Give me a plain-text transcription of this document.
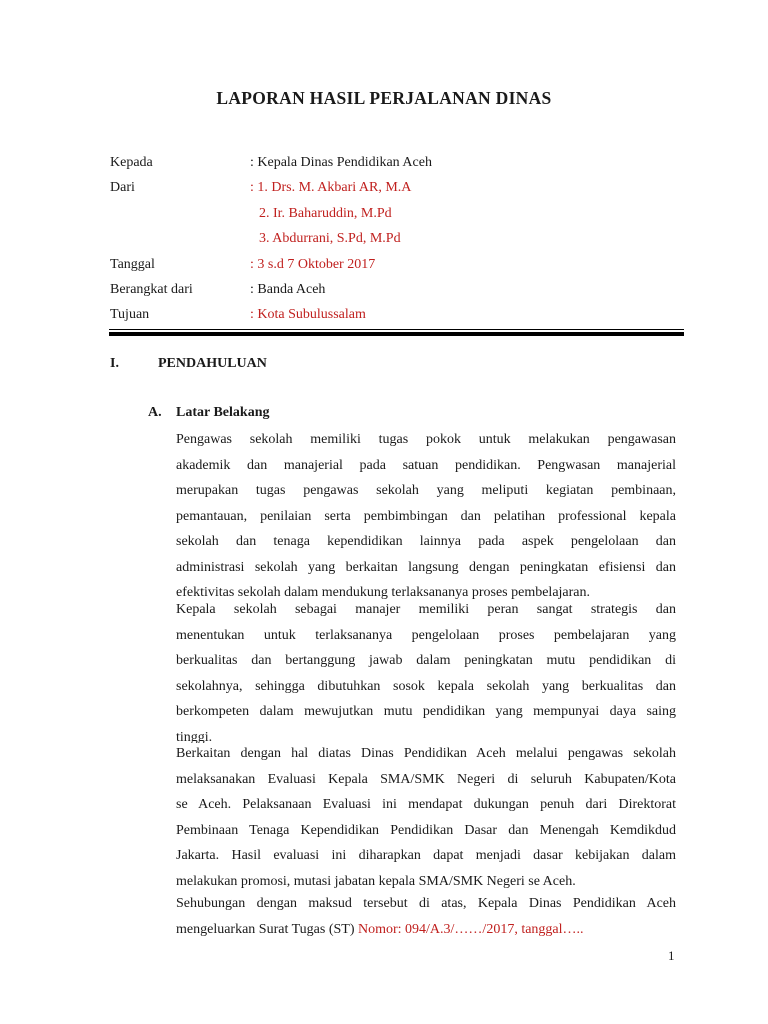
LAPORAN HASIL PERJALANAN DINAS
Kepada	: Kepala Dinas Pendidikan Aceh
Dari	: 1. Drs. M. Akbari AR, M.A
2. Ir. Baharuddin, M.Pd
3. Abdurrani, S.Pd, M.Pd
Tanggal	: 3 s.d 7 Oktober 2017
Berangkat dari	: Banda Aceh
Tujuan	: Kota Subulussalam
I.	PENDAHULUAN
A. Latar Belakang
Pengawas sekolah memiliki tugas pokok untuk melakukan pengawasan
akademik dan manajerial pada satuan pendidikan. Pengwasan manajerial
merupakan tugas pengawas sekolah yang meliputi kegiatan pembinaan,
pemantauan, penilaian serta pembimbingan dan pelatihan professional kepala
sekolah dan tenaga kependidikan lainnya pada aspek pengelolaan dan
administrasi sekolah yang berkaitan langsung dengan peningkatan efisiensi dan
efektivitas sekolah dalam mendukung terlaksananya proses pembelajaran.
Kepala sekolah sebagai manajer memiliki peran sangat strategis dan
menentukan untuk terlaksananya pengelolaan proses pembelajaran yang
berkualitas dan bertanggung jawab dalam peningkatan mutu pendidikan di
sekolahnya, sehingga dibutuhkan sosok kepala sekolah yang berkualitas dan
berkompeten dalam mewujutkan mutu pendidikan yang mempunyai daya saing
tinggi.
Berkaitan dengan hal diatas Dinas Pendidikan Aceh melalui pengawas sekolah
melaksanakan Evaluasi Kepala SMA/SMK Negeri di seluruh Kabupaten/Kota
se Aceh. Pelaksanaan Evaluasi ini mendapat dukungan penuh dari Direktorat
Pembinaan Tenaga Kependidikan Pendidikan Dasar dan Menengah Kemdikdud
Jakarta. Hasil evaluasi ini diharapkan dapat menjadi dasar kebijakan dalam
melakukan promosi, mutasi jabatan kepala SMA/SMK Negeri se Aceh.
Sehubungan dengan maksud tersebut di atas, Kepala Dinas Pendidikan Aceh
mengeluarkan Surat Tugas (ST) Nomor: 094/A.3/……/2017, tanggal…..
1
